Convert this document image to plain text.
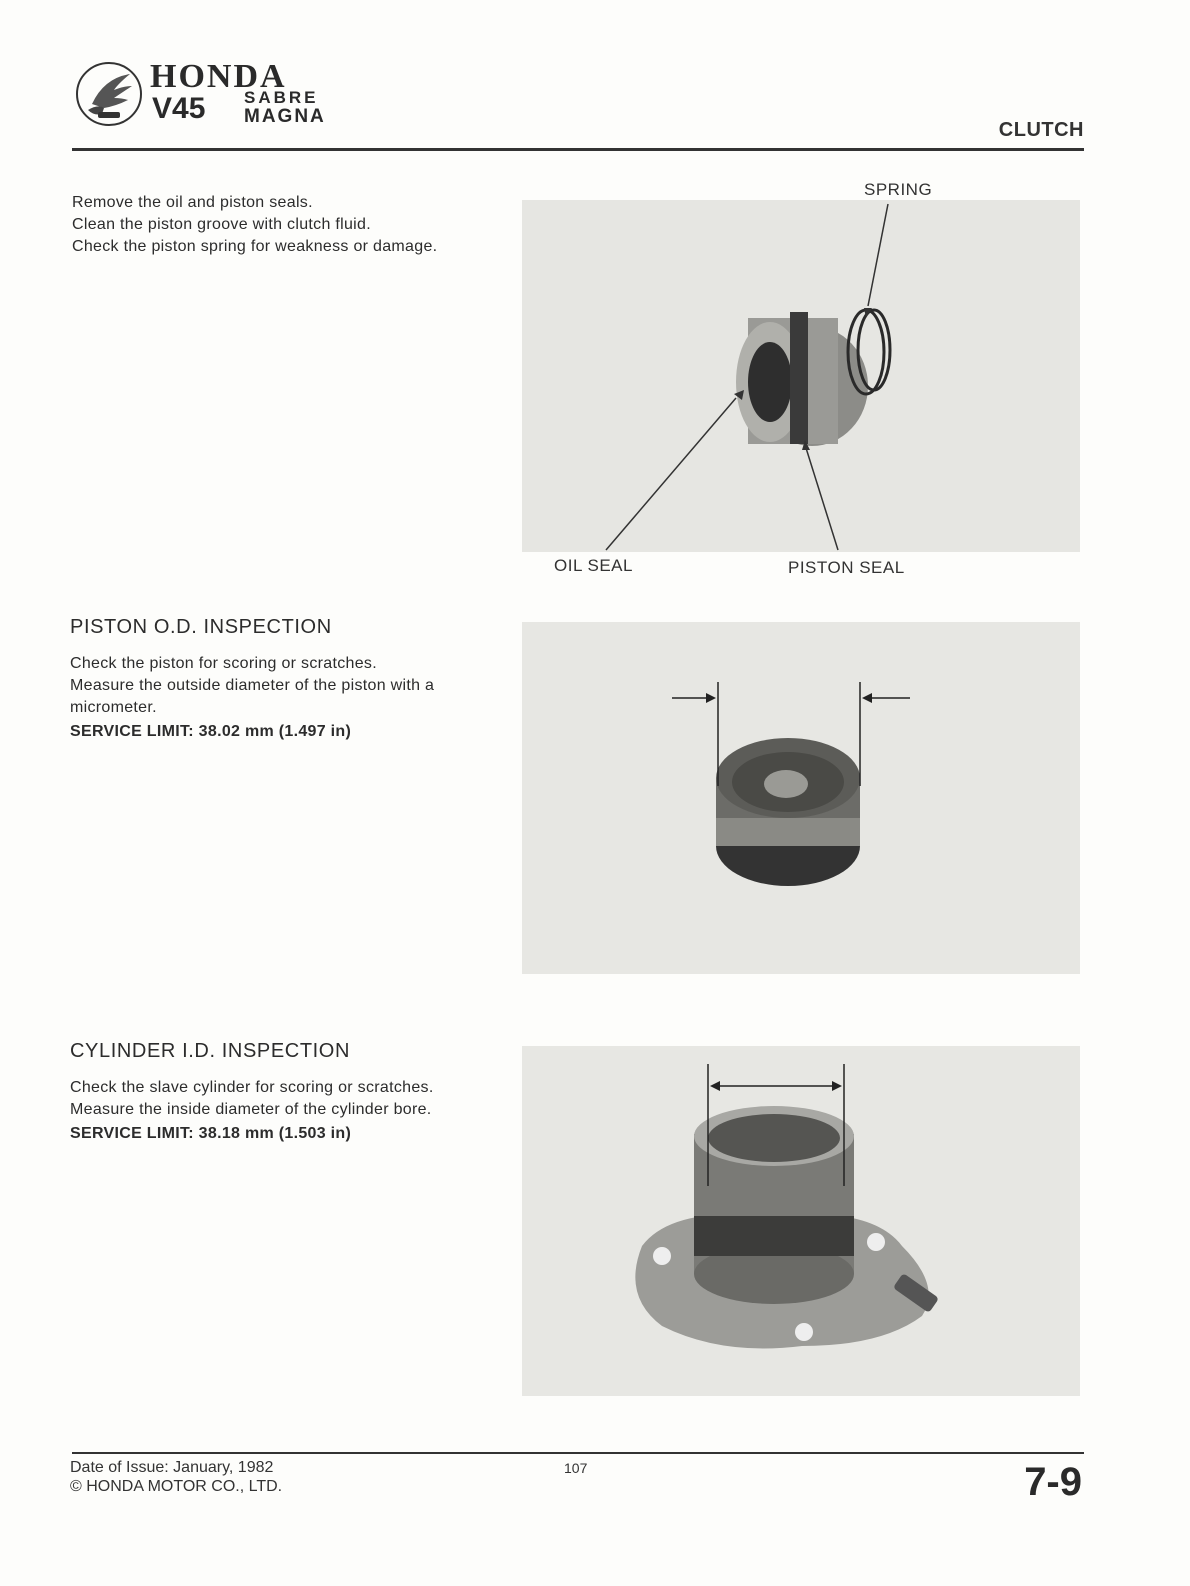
HONDA
V45 SABRE
MAGNA
CLUTCH
Remove the oil and piston seals.
Clean the piston groove with clutch fluid.
Check the piston spring for weakness or damage.
SPRING
OIL SEAL	PISTON SEAL
PISTON O.D. INSPECTION
Check the piston for scoring or scratches.
Measure the outside diameter of the piston with a micrometer.
SERVICE LIMIT: 38.02 mm (1.497 in)
CYLINDER I.D. INSPECTION
Check the slave cylinder for scoring or scratches.
Measure the inside diameter of the cylinder bore.
SERVICE LIMIT: 38.18 mm (1.503 in)
Date of Issue: January, 1982
© HONDA MOTOR CO., LTD.
107	7-9
